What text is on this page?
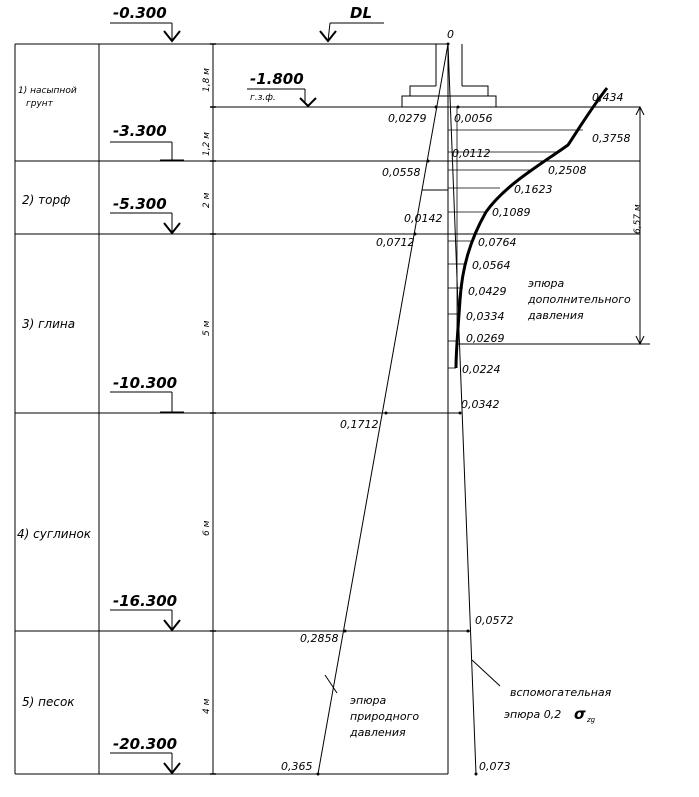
-0.300	DL
0
-1.800
г.з.ф.
-3.300
-5.300
-10.300
-16.300
-20.300
1) насыпной грунт
2) торф
3) глина
4) суглинок
5) песок
1,8 м
1,2 м
2 м
5 м
6 м
4 м
0,0279
0,0558
0,0142
0,0712
0,1712
0,2858
0,365
0,0056
0,0112
0,0342
0,0572
0,073
0,434
0,3758
0,2508
0,1623
0,1089
0,0764
0,0564
0,0429
0,0334
0,0269
0,0224
6,57 м
эпюра
дополнительного
давления
эпюра
природного
давления
вспомогательная
эпюра 0,2 σ zg
